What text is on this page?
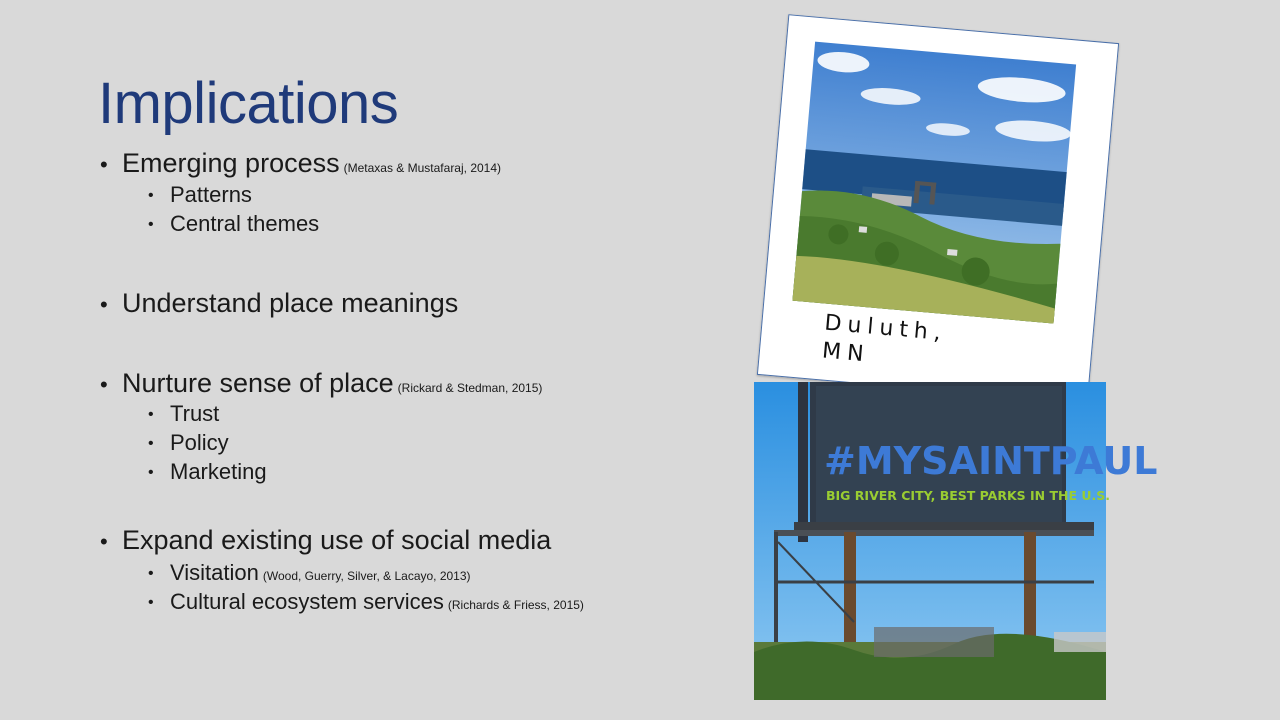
Implications
• Emerging process (Metaxas & Mustafaraj, 2014)
• Patterns
• Central themes
• Understand place meanings
• Nurture sense of place (Rickard & Stedman, 2015)
• Trust
• Policy
• Marketing
• Expand existing use of social media
• Visitation (Wood, Guerry, Silver, & Lacayo, 2013)
• Cultural ecosystem services (Richards & Friess, 2015)
Duluth, MN
#MYSAINTPAUL
BIG RIVER CITY, BEST PARKS IN THE U.S.
